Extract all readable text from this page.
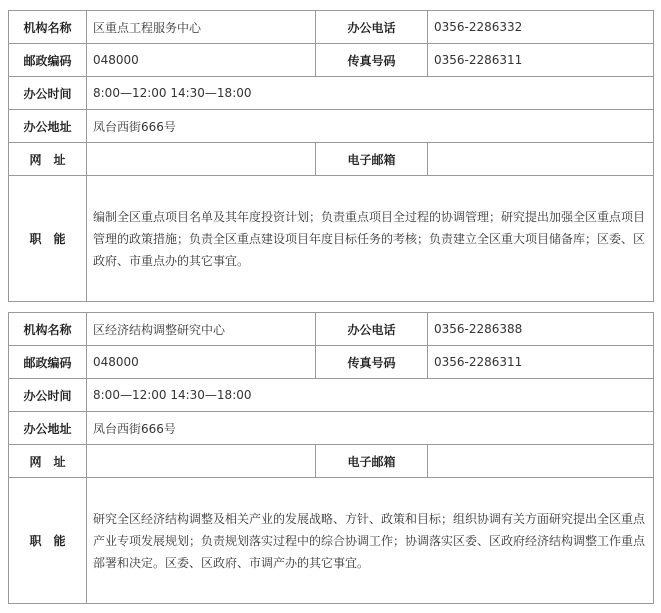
机构名称	区重点工程服务中心	办公电话	0356-2286332
邮政编码	048000	传真号码	0356-2286311
办公时间	8:00—12:00 14:30—18:00		
办公地址	凤台西街666号		
网　址		电子邮箱	
职　能	编制全区重点项目名单及其年度投资计划；负责重点项目全过程的协调管理；研究提出加强全区重点项目管理的政策措施；负责全区重点建设项目年度目标任务的考核；负责建立全区重大项目储备库；区委、区政府、市重点办的其它事宜。		
机构名称	区经济结构调整研究中心	办公电话	0356-2286388
邮政编码	048000	传真号码	0356-2286311
办公时间	8:00—12:00 14:30—18:00		
办公地址	凤台西街666号		
网　址		电子邮箱	
职　能	研究全区经济结构调整及相关产业的发展战略、方针、政策和目标；组织协调有关方面研究提出全区重点产业专项发展规划；负责规划落实过程中的综合协调工作；协调落实区委、区政府经济结构调整工作重点部署和决定。区委、区政府、市调产办的其它事宜。		
